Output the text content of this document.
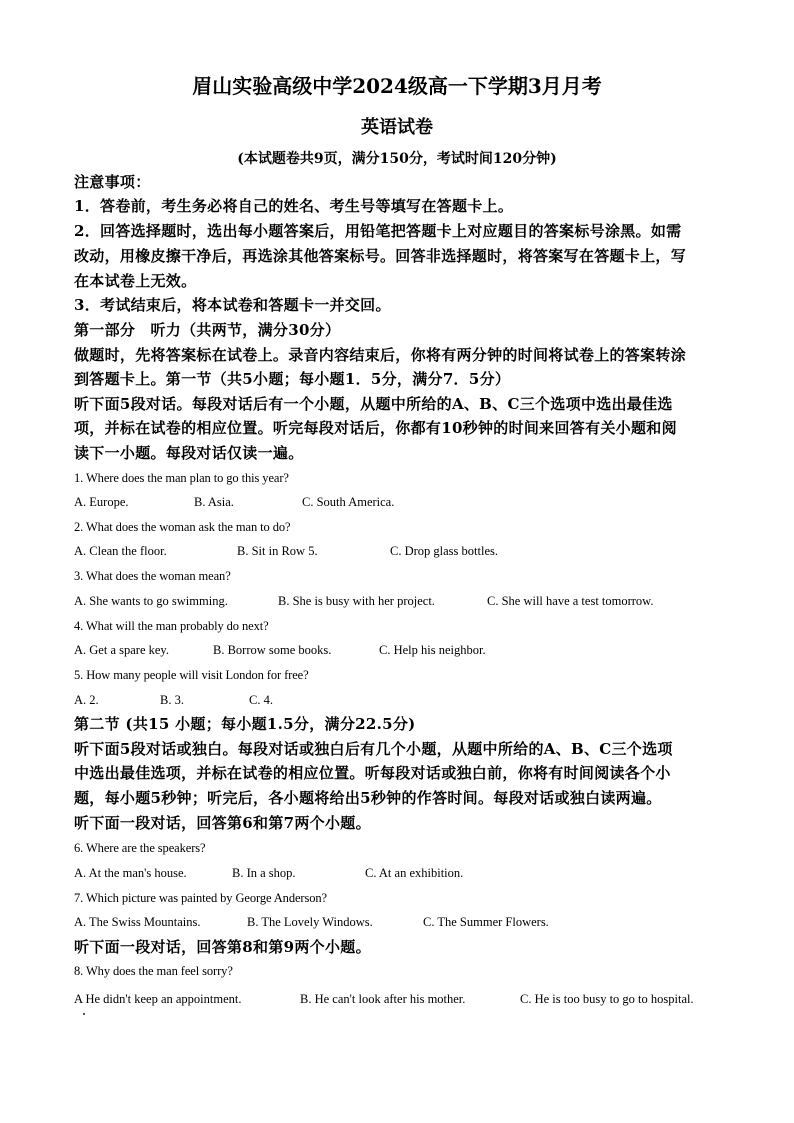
眉山实验高级中学2024级高一下学期3月月考
英语试卷
(本试题卷共9页，满分150分，考试时间120分钟)
注意事项：
1．答卷前，考生务必将自己的姓名、考生号等填写在答题卡上。
2．回答选择题时，选出每小题答案后，用铅笔把答题卡上对应题目的答案标号涂黑。如需
改动，用橡皮擦干净后，再选涂其他答案标号。回答非选择题时，将答案写在答题卡上，写
在本试卷上无效。
3．考试结束后，将本试卷和答题卡一并交回。
第一部分　听力（共两节，满分30分）
做题时，先将答案标在试卷上。录音内容结束后，你将有两分钟的时间将试卷上的答案转涂
到答题卡上。第一节（共5小题；每小题1．5分，满分7．5分）
听下面5段对话。每段对话后有一个小题，从题中所给的A、B、C三个选项中选出最佳选
项，并标在试卷的相应位置。听完每段对话后，你都有10秒钟的时间来回答有关小题和阅
读下一小题。每段对话仅读一遍。
1. Where does the man plan to go this year?
A. Europe.	B. Asia.	C. South America.
2. What does the woman ask the man to do?
A. Clean the floor.	B. Sit in Row 5.	C. Drop glass bottles.
3. What does the woman mean?
A. She wants to go swimming.	B. She is busy with her project.	C. She will have a test tomorrow.
4. What will the man probably do next?
A. Get a spare key.	B. Borrow some books.	C. Help his neighbor.
5. How many people will visit London for free?
A. 2.	B. 3.	C. 4.
第二节 (共15 小题；每小题1.5分，满分22.5分)
听下面5段对话或独白。每段对话或独白后有几个小题，从题中所给的A、B、C三个选项
中选出最佳选项，并标在试卷的相应位置。听每段对话或独白前，你将有时间阅读各个小
题，每小题5秒钟；听完后，各小题将给出5秒钟的作答时间。每段对话或独白读两遍。
听下面一段对话，回答第6和第7两个小题。
6. Where are the speakers?
A. At the man's house.	B. In a shop.	C. At an exhibition.
7. Which picture was painted by George Anderson?
A. The Swiss Mountains.	B. The Lovely Windows.	C. The Summer Flowers.
听下面一段对话，回答第8和第9两个小题。
8. Why does the man feel sorry?
A He didn't keep an appointment.	B. He can't look after his mother.	C. He is too busy to go to hospital.
